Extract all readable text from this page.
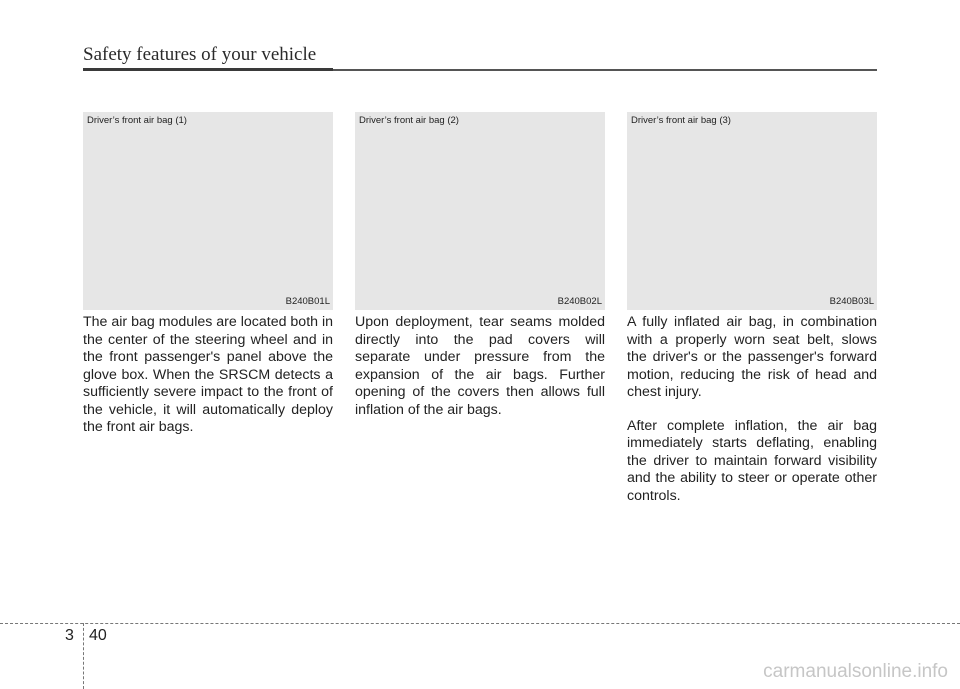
Safety features of your vehicle
Driver’s front air bag (1)
B240B01L
Driver’s front air bag (2)
B240B02L
Driver’s front air bag (3)
B240B03L

The air bag modules are located both in the center of the steering wheel and in the front passenger's panel above the glove box. When the SRSCM detects a sufficiently severe impact to the front of the vehicle, it will automatically deploy the front air bags.

Upon deployment, tear seams molded directly into the pad covers will separate under pressure from the expansion of the air bags. Further opening of the covers then allows full inflation of the air bags.

A fully inflated air bag, in combination with a properly worn seat belt, slows the driver's or the passenger's forward motion, reducing the risk of head and chest injury.

After complete inflation, the air bag immediately starts deflating, enabling the driver to maintain forward visibility and the ability to steer or operate other controls.

3 40
carmanualsonline.info
